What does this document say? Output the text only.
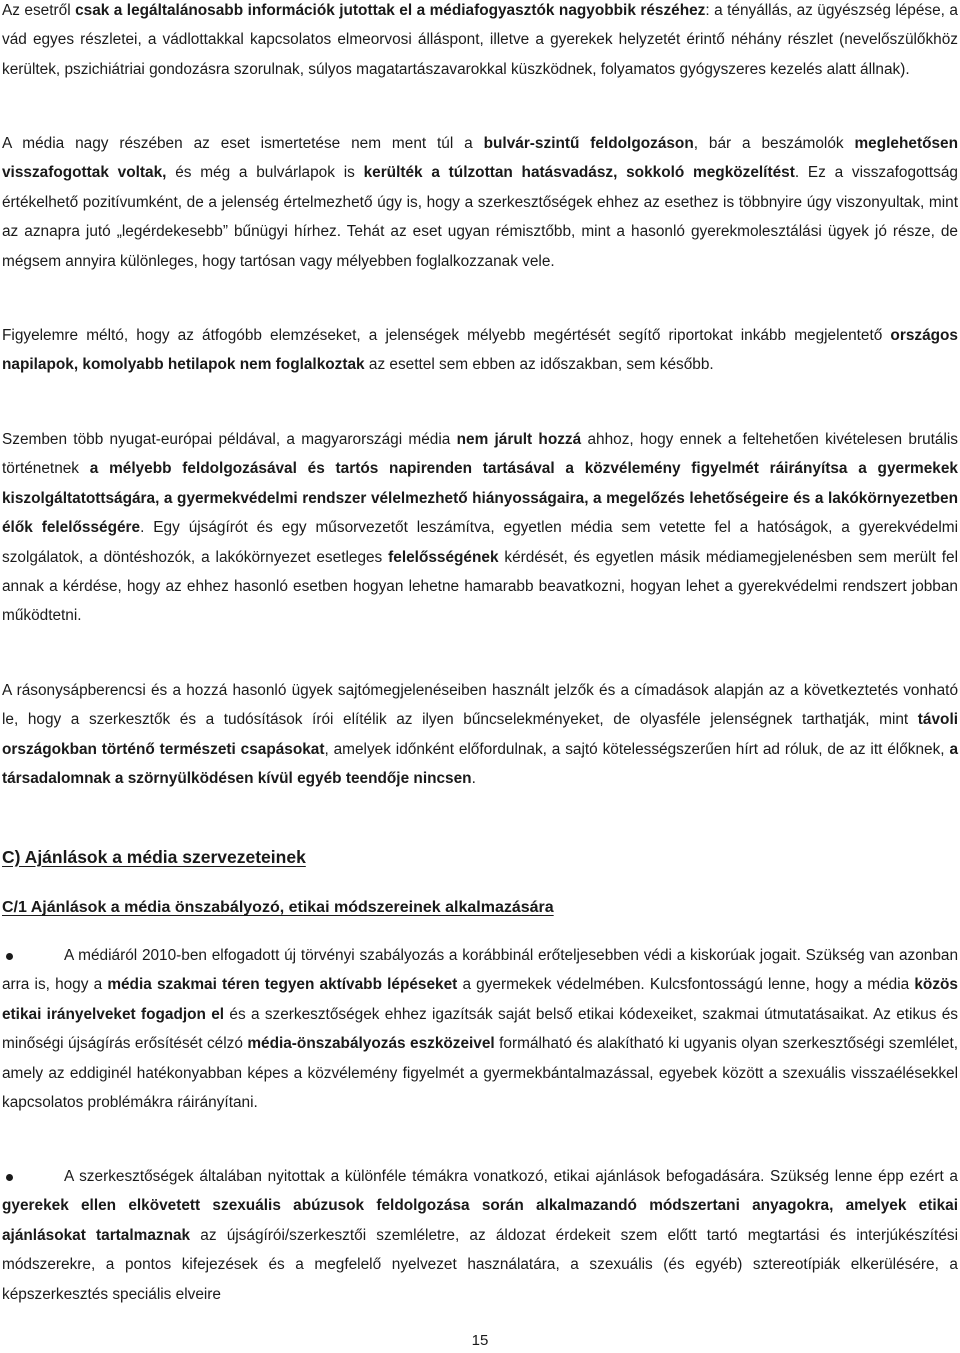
Az esetről csak a legáltalánosabb információk jutottak el a médiafogyasztók nagyobbik részéhez: a tényállás, az ügyészség lépése, a vád egyes részletei, a vádlottakkal kapcsolatos elmeorvosi álláspont, illetve a gyerekek helyzetét érintő néhány részlet (nevelőszülőkhöz kerültek, pszichiátriai gondozásra szorulnak, súlyos magatartászavarokkal küszködnek, folyamatos gyógyszeres kezelés alatt állnak).

A média nagy részében az eset ismertetése nem ment túl a bulvár-szintű feldolgozáson, bár a beszámolók meglehetősen visszafogottak voltak, és még a bulvárlapok is kerülték a túlzottan hatásvadász, sokkoló megközelítést. Ez a visszafogottság értékelhető pozitívumként, de a jelenség értelmezhető úgy is, hogy a szerkesztőségek ehhez az esethez is többnyire úgy viszonyultak, mint az aznapra jutó „legérdekesebb” bűnügyi hírhez. Tehát az eset ugyan rémisztőbb, mint a hasonló gyerekmolesztálási ügyek jó része, de mégsem annyira különleges, hogy tartósan vagy mélyebben foglalkozzanak vele.

Figyelemre méltó, hogy az átfogóbb elemzéseket, a jelenségek mélyebb megértését segítő riportokat inkább megjelentető országos napilapok, komolyabb hetilapok nem foglalkoztak az esettel sem ebben az időszakban, sem később.

Szemben több nyugat-európai példával, a magyarországi média nem járult hozzá ahhoz, hogy ennek a feltehetően kivételesen brutális történetnek a mélyebb feldolgozásával és tartós napirenden tartásával a közvélemény figyelmét ráirányítsa a gyermekek kiszolgáltatottságára, a gyermekvédelmi rendszer vélelmezhető hiányosságaira, a megelőzés lehetőségeire és a lakókörnyezetben élők felelősségére. Egy újságírót és egy műsorvezetőt leszámítva, egyetlen média sem vetette fel a hatóságok, a gyerekvédelmi szolgálatok, a döntéshozók, a lakókörnyezet esetleges felelősségének kérdését, és egyetlen másik médiamegjelenésben sem merült fel annak a kérdése, hogy az ehhez hasonló esetben hogyan lehetne hamarabb beavatkozni, hogyan lehet a gyerekvédelmi rendszert jobban működtetni.

A rásonysápberencsi és a hozzá hasonló ügyek sajtómegjelenéseiben használt jelzők és a címadások alapján az a következtetés vonható le, hogy a szerkesztők és a tudósítások írói elítélik az ilyen bűncselekményeket, de olyasféle jelenségnek tarthatják, mint távoli országokban történő természeti csapásokat, amelyek időnként előfordulnak, a sajtó kötelességszerűen hírt ad róluk, de az itt élőknek, a társadalomnak a szörnyülködésen kívül egyéb teendője nincsen.

C) Ajánlások a média szervezeteinek
C/1 Ajánlások a média önszabályozó, etikai módszereinek alkalmazására

A médiáról 2010-ben elfogadott új törvényi szabályozás a korábbinál erőteljesebben védi a kiskorúak jogait. Szükség van azonban arra is, hogy a média szakmai téren tegyen aktívabb lépéseket a gyermekek védelmében. Kulcsfontosságú lenne, hogy a média közös etikai irányelveket fogadjon el és a szerkesztőségek ehhez igazítsák saját belső etikai kódexeiket, szakmai útmutatásaikat. Az etikus és minőségi újságírás erősítését célzó média-önszabályozás eszközeivel formálható és alakítható ki ugyanis olyan szerkesztőségi szemlélet, amely az eddiginél hatékonyabban képes a közvélemény figyelmét a gyermekbántalmazással, egyebek között a szexuális visszaélésekkel kapcsolatos problémákra ráirányítani.

A szerkesztőségek általában nyitottak a különféle témákra vonatkozó, etikai ajánlások befogadására. Szükség lenne épp ezért a gyerekek ellen elkövetett szexuális abúzusok feldolgozása során alkalmazandó módszertani anyagokra, amelyek etikai ajánlásokat tartalmaznak az újságírói/szerkesztői szemléletre, az áldozat érdekeit szem előtt tartó megtartási és interjúkészítési módszerekre, a pontos kifejezések és a megfelelő nyelvezet használatára, a szexuális (és egyéb) sztereotípiák elkerülésére, a képszerkesztés speciális elveire

15
